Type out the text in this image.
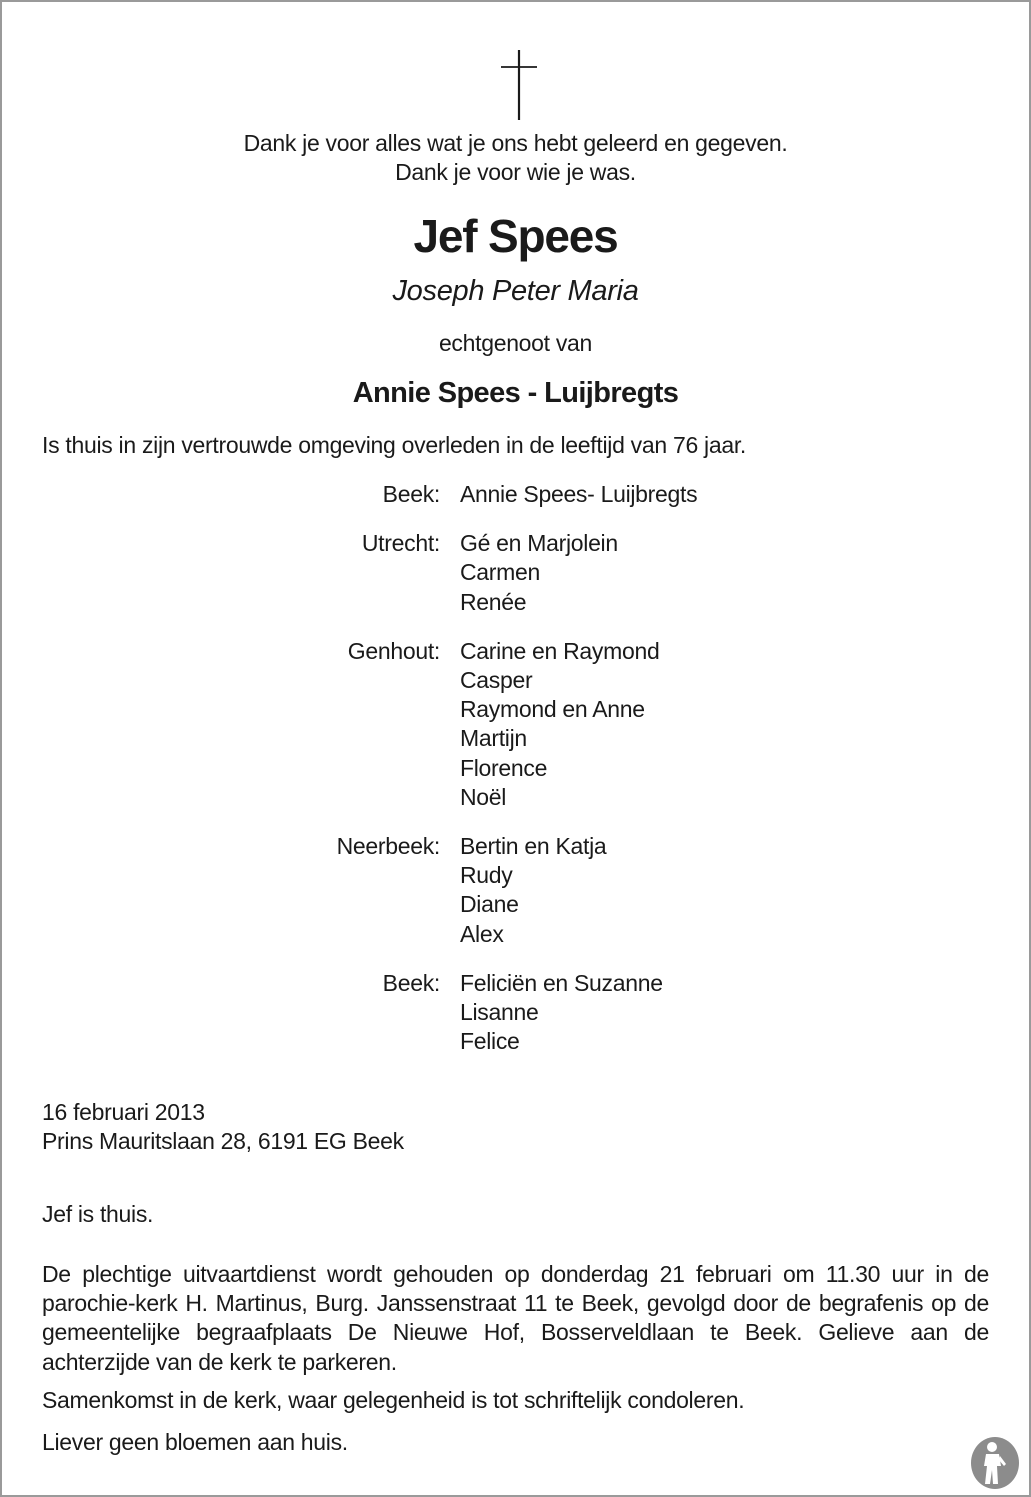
Dank je voor alles wat je ons hebt geleerd en gegeven.
Dank je voor wie je was.
Jef Spees
Joseph Peter Maria
echtgenoot van
Annie Spees - Luijbregts
Is thuis in zijn vertrouwde omgeving overleden in de leeftijd van 76 jaar.
Beek: Annie Spees- Luijbregts
Utrecht: Gé en Marjolein
Carmen
Renée
Genhout: Carine en Raymond
Casper
Raymond en Anne
Martijn
Florence
Noël
Neerbeek: Bertin en Katja
Rudy
Diane
Alex
Beek: Feliciën en Suzanne
Lisanne
Felice
16 februari 2013
Prins Mauritslaan 28, 6191 EG Beek
Jef is thuis.
De plechtige uitvaartdienst wordt gehouden op donderdag 21 februari om 11.30 uur in de parochie-kerk H. Martinus, Burg. Janssenstraat 11 te Beek, gevolgd door de begrafenis op de gemeentelijke begraafplaats De Nieuwe Hof, Bosserveldlaan te Beek. Gelieve aan de achterzijde van de kerk te parkeren.
Samenkomst in de kerk, waar gelegenheid is tot schriftelijk condoleren.
Liever geen bloemen aan huis.
